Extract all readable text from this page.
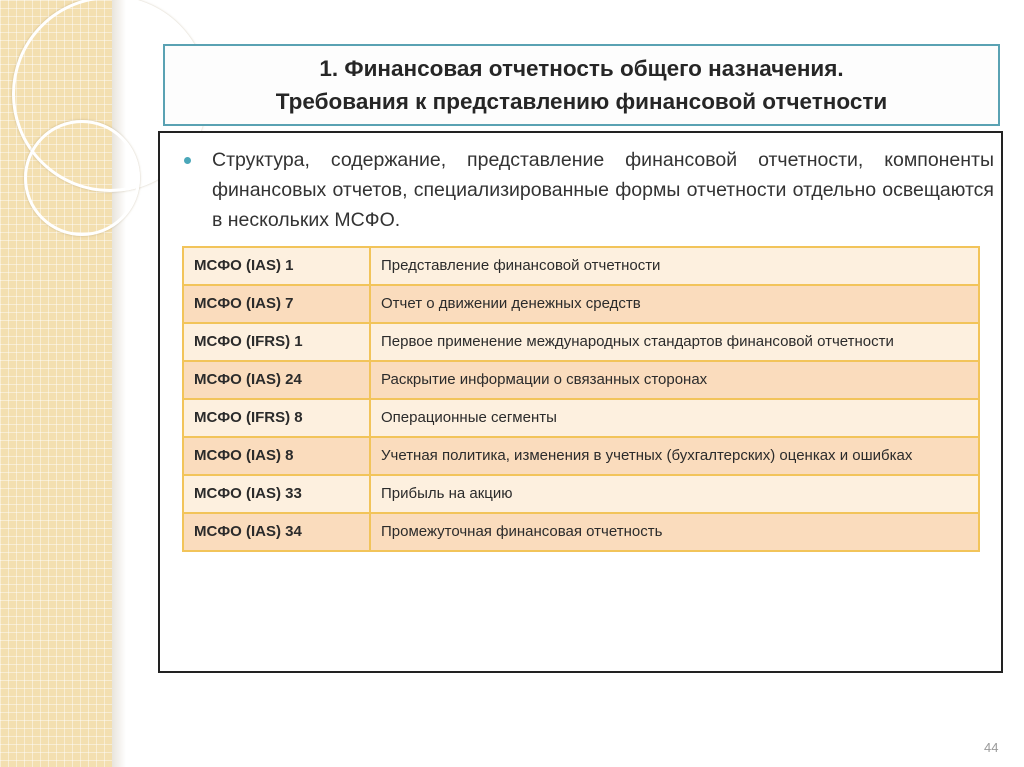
1. Финансовая отчетность общего назначения.
Требования к представлению финансовой отчетности
Структура, содержание, представление финансовой отчетности, компоненты финансовых отчетов, специализированные формы отчетности отдельно освещаются в нескольких МСФО.
МСФО (IAS) 1	Представление финансовой отчетности
МСФО (IAS) 7	Отчет о движении денежных средств
МСФО (IFRS) 1	Первое применение международных стандартов финансовой отчетности
МСФО (IAS) 24	Раскрытие информации о связанных сторонах
МСФО (IFRS) 8	Операционные сегменты
МСФО (IAS) 8	Учетная политика, изменения в учетных (бухгалтерских) оценках и ошибках
МСФО (IAS) 33	Прибыль на акцию
МСФО (IAS) 34	Промежуточная финансовая отчетность
44
